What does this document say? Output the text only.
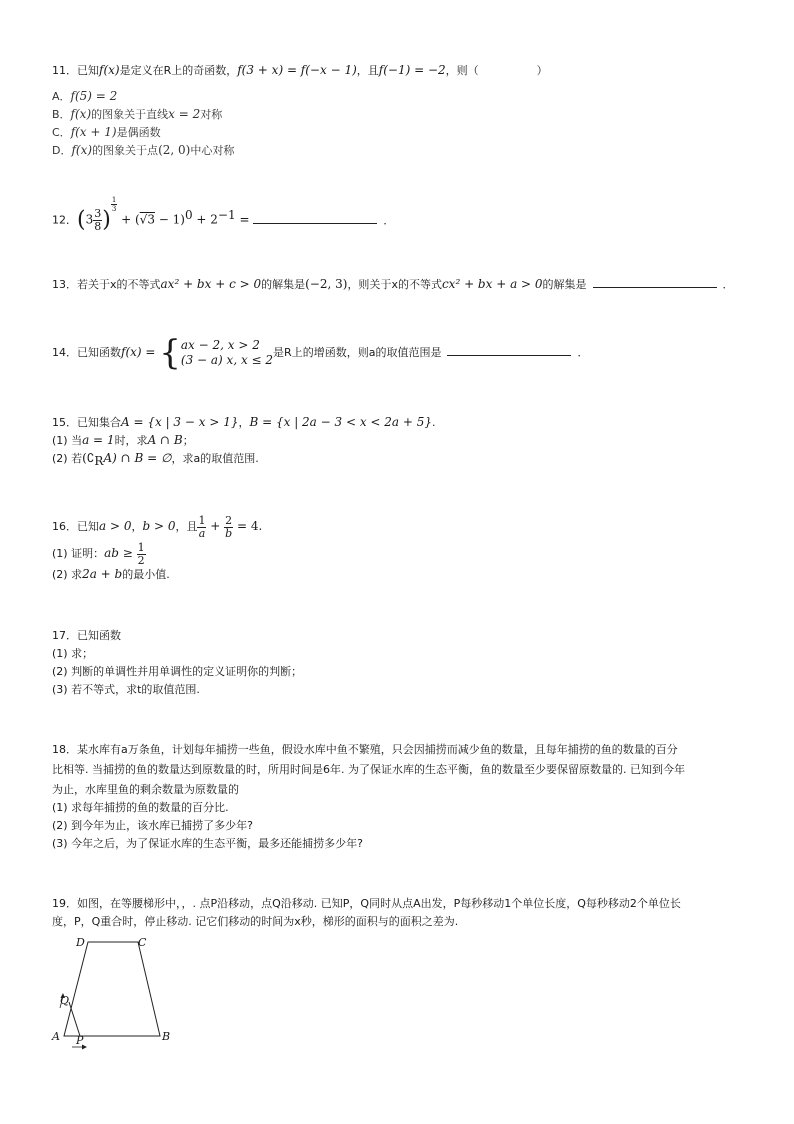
11．已知f(x)是定义在R上的奇函数，f(3 + x) = f(−x − 1)，且f(−1) = −2，则（	）
A．f(5) = 2
B．f(x)的图象关于直线x = 2对称
C．f(x + 1)是偶函数
D．f(x)的图象关于点(2, 0)中心对称
12．($3 \frac{3}{8}$ )
$\frac{1}{3}$
+ $(√3 - 1)^0 + 2^{-1}$ =	．
13．若关于x的不等式ax² + bx + c > 0的解集是(−2, 3)，则关于x的不等式cx² + bx + a > 0的解集是	．
14．已知函数f(x) = { ax − 2, x > 2
(3 − a) x, x ≤ 2
是R上的增函数，则a的取值范围是	．
15．已知集合A = {x | 3 − x > 1}，B = {x | 2a − 3 < x < 2a + 5}.
(1) 当a = 1时，求A ∩ B；
(2) 若$(∁_RA)$ ∩ B = ∅，求a的取值范围.
16．已知a > 0，b > 0，且 $\frac{1}{a} + \frac{2}{b} = 4$.
(1) 证明：ab ≥ $\frac{1}{2}$
(2) 求2a + b的最小值.
17．已知函数
(1) 求；
(2) 判断的单调性并用单调性的定义证明你的判断；
(3) 若不等式，求t的取值范围.
18．某水库有a万条鱼，计划每年捕捞一些鱼，假设水库中鱼不繁殖，只会因捕捞而减少鱼的数量，且每年捕捞的鱼的数量的百分
比相等. 当捕捞的鱼的数量达到原数量的时，所用时间是6年. 为了保证水库的生态平衡，鱼的数量至少要保留原数量的. 已知到今年
为止，水库里鱼的剩余数量为原数量的
(1) 求每年捕捞的鱼的数量的百分比.
(2) 到今年为止，该水库已捕捞了多少年?
(3) 今年之后，为了保证水库的生态平衡，最多还能捕捞多少年?
19．如图，在等腰梯形中，，. 点P沿移动，点Q沿移动. 已知P，Q同时从点A出发，P每秒移动1个单位长度，Q每秒移动2个单位长
度，P，Q重合时，停止移动. 记它们移动的时间为x秒，梯形的面积与的面积之差为.
D	C
Q
A P	B
